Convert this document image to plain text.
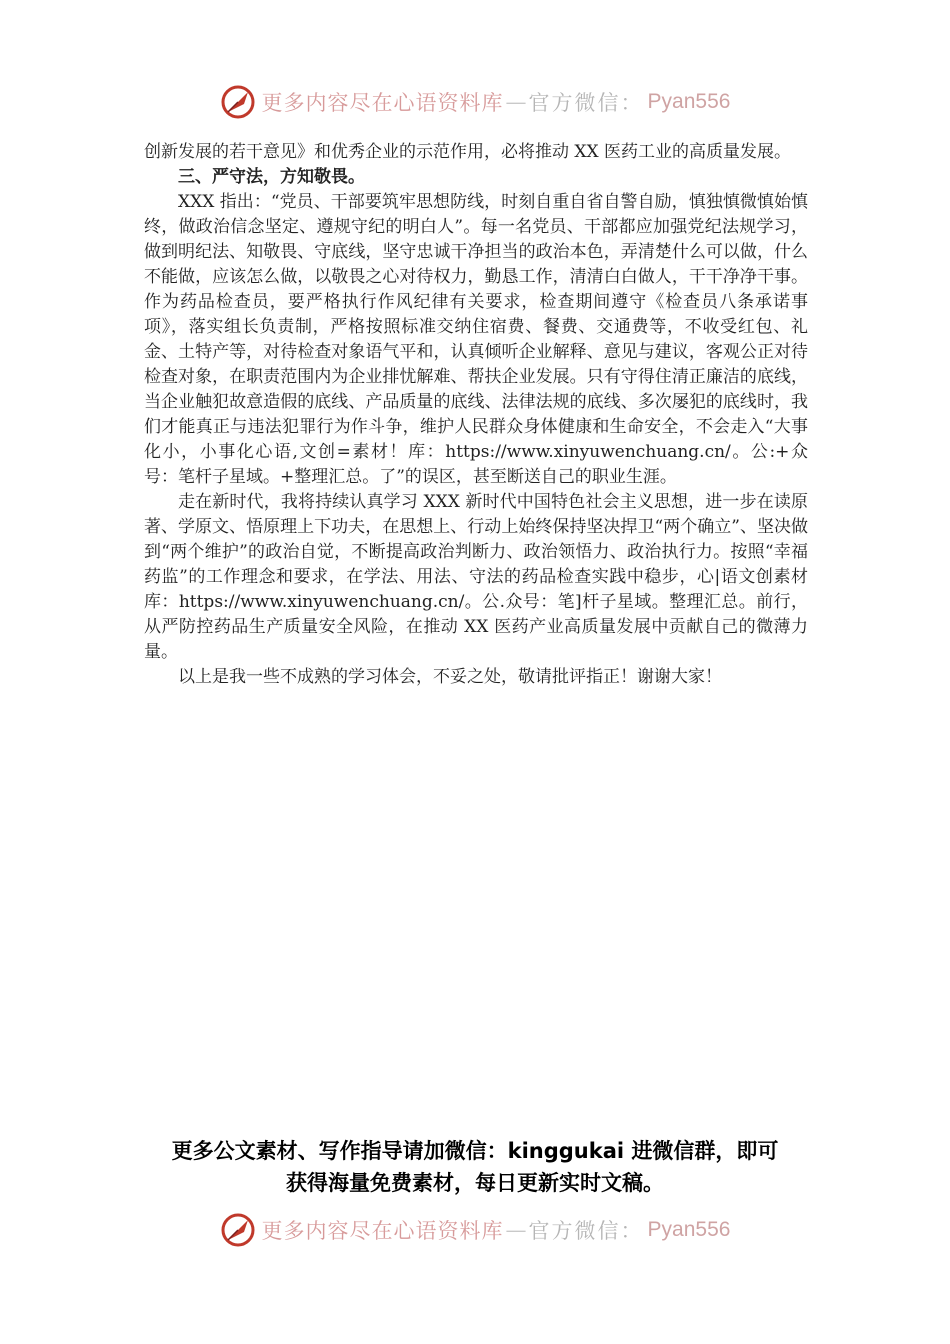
更多内容尽在心语资料库 — 官方微信： Pyan556

创新发展的若干意见》和优秀企业的示范作用，必将推动 XX 医药工业的高质量发展。

三、严守法，方知敬畏。

XXX 指出：“党员、干部要筑牢思想防线，时刻自重自省自警自励，慎独慎微慎始慎终，做政治信念坚定、遵规守纪的明白人”。每一名党员、干部都应加强党纪法规学习，做到明纪法、知敬畏、守底线，坚守忠诚干净担当的政治本色，弄清楚什么可以做，什么不能做，应该怎么做，以敬畏之心对待权力，勤恳工作，清清白白做人，干干净净干事。作为药品检查员，要严格执行作风纪律有关要求，检查期间遵守《检查员八条承诺事项》，落实组长负责制，严格按照标准交纳住宿费、餐费、交通费等，不收受红包、礼金、土特产等，对待检查对象语气平和，认真倾听企业解释、意见与建议，客观公正对待检查对象，在职责范围内为企业排忧解难、帮扶企业发展。只有守得住清正廉洁的底线，当企业触犯故意造假的底线、产品质量的底线、法律法规的底线、多次屡犯的底线时，我们才能真正与违法犯罪行为作斗争，维护人民群众身体健康和生命安全，不会走入“大事化小，小事化心语,文创=素材！库：https://www.xinyuwenchuang.cn/。公:+众号：笔杆子星域。+整理汇总。了”的误区，甚至断送自己的职业生涯。

走在新时代，我将持续认真学习 XXX 新时代中国特色社会主义思想，进一步在读原著、学原文、悟原理上下功夫，在思想上、行动上始终保持坚决捍卫“两个确立”、坚决做到“两个维护”的政治自觉，不断提高政治判断力、政治领悟力、政治执行力。按照“幸福药监”的工作理念和要求，在学法、用法、守法的药品检查实践中稳步，心|语文创素材库：https://www.xinyuwenchuang.cn/。公.众号：笔]杆子星域。整理汇总。前行，从严防控药品生产质量安全风险，在推动 XX 医药产业高质量发展中贡献自己的微薄力量。

以上是我一些不成熟的学习体会，不妥之处，敬请批评指正！谢谢大家！

更多公文素材、写作指导请加微信：kinggukai 进微信群，即可
获得海量免费素材，每日更新实时文稿。
更多内容尽在心语资料库 — 官方微信： Pyan556
